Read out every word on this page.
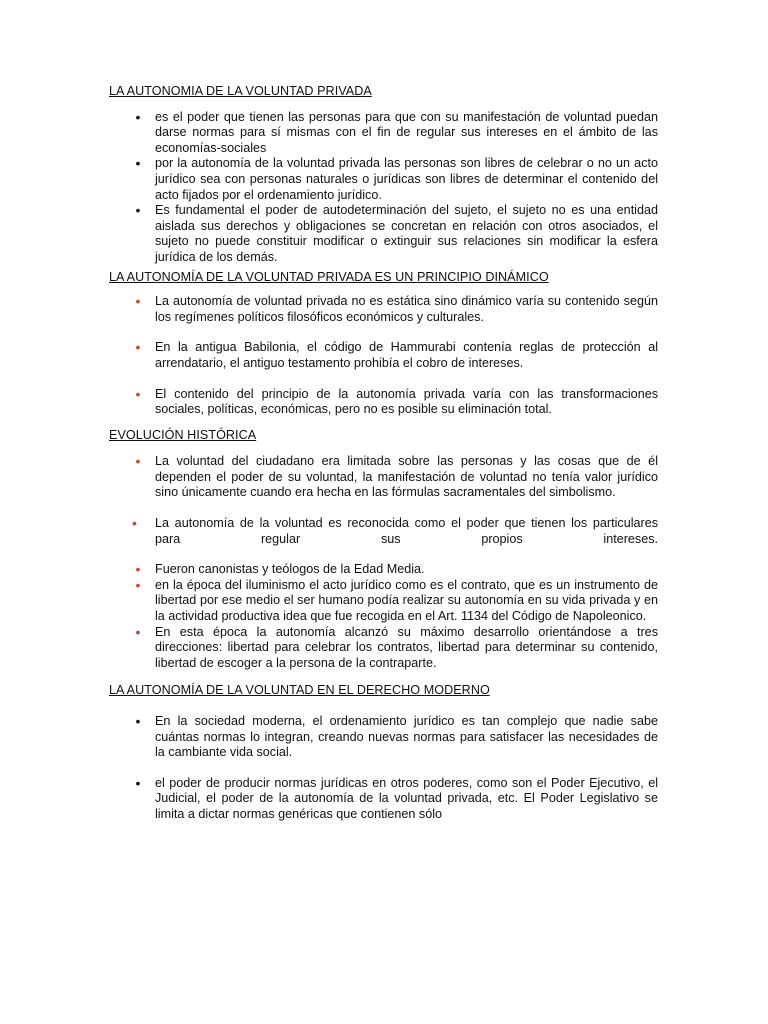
LA AUTONOMIA DE LA VOLUNTAD PRIVADA
•
es el poder que tienen las personas para que con su manifestación de voluntad puedan darse normas para sí mismas con el fin de regular sus intereses en el ámbito de las economías-sociales
•
por la autonomía de la voluntad privada las personas son libres de celebrar o no un acto jurídico sea con personas naturales o jurídicas son libres de determinar el contenido del acto fijados por el ordenamiento jurídico.
•
Es fundamental el poder de autodeterminación del sujeto, el sujeto no es una entidad aislada sus derechos y obligaciones se concretan en relación con otros asociados, el sujeto no puede constituir modificar o extinguir sus relaciones sin modificar la esfera jurídica de los demás.
LA AUTONOMÍA DE LA VOLUNTAD PRIVADA ES UN PRINCIPIO DINÁMICO
•
La autonomía de voluntad privada no es estática sino dinámico varía su contenido según los regímenes políticos filosóficos económicos y culturales.
•
En la antigua Babilonia, el código de Hammurabi contenía reglas de protección al arrendatario, el antiguo testamento prohibía el cobro de intereses.
•
El contenido del principio de la autonomía privada varía con las transformaciones sociales, políticas, económicas, pero no es posible su eliminación total.
EVOLUCIÓN HISTÓRICA
•
La voluntad del ciudadano era limitada sobre las personas y las cosas que de él dependen el poder de su voluntad, la manifestación de voluntad no tenía valor jurídico sino únicamente cuando era hecha en las fórmulas sacramentales del simbolismo.
•
La autonomía de la voluntad es reconocida como el poder que tienen los particulares para regular sus propios intereses.
•
Fueron canonistas y teólogos de la Edad Media.
•
en la época del iluminismo el acto jurídico como es el contrato, que es un instrumento de libertad por ese medio el ser humano podía realizar su autonomía en su vida privada y en la actividad productiva idea que fue recogida en el Art. 1134 del Código de Napoleonico.
•
En esta época la autonomía alcanzó su máximo desarrollo orientándose a tres direcciones: libertad para celebrar los contratos, libertad para determinar su contenido, libertad de escoger a la persona de la contraparte.
LA AUTONOMÍA DE LA VOLUNTAD EN EL DERECHO MODERNO
•
En la sociedad moderna, el ordenamiento jurídico es tan complejo que nadie sabe cuántas normas lo integran, creando nuevas normas para satisfacer las necesidades de la cambiante vida social.
•
el poder de producir normas jurídicas en otros poderes, como son el Poder Ejecutivo, el Judicial, el poder de la autonomía de la voluntad privada, etc. El Poder Legislativo se limita a dictar normas genéricas que contienen sólo
